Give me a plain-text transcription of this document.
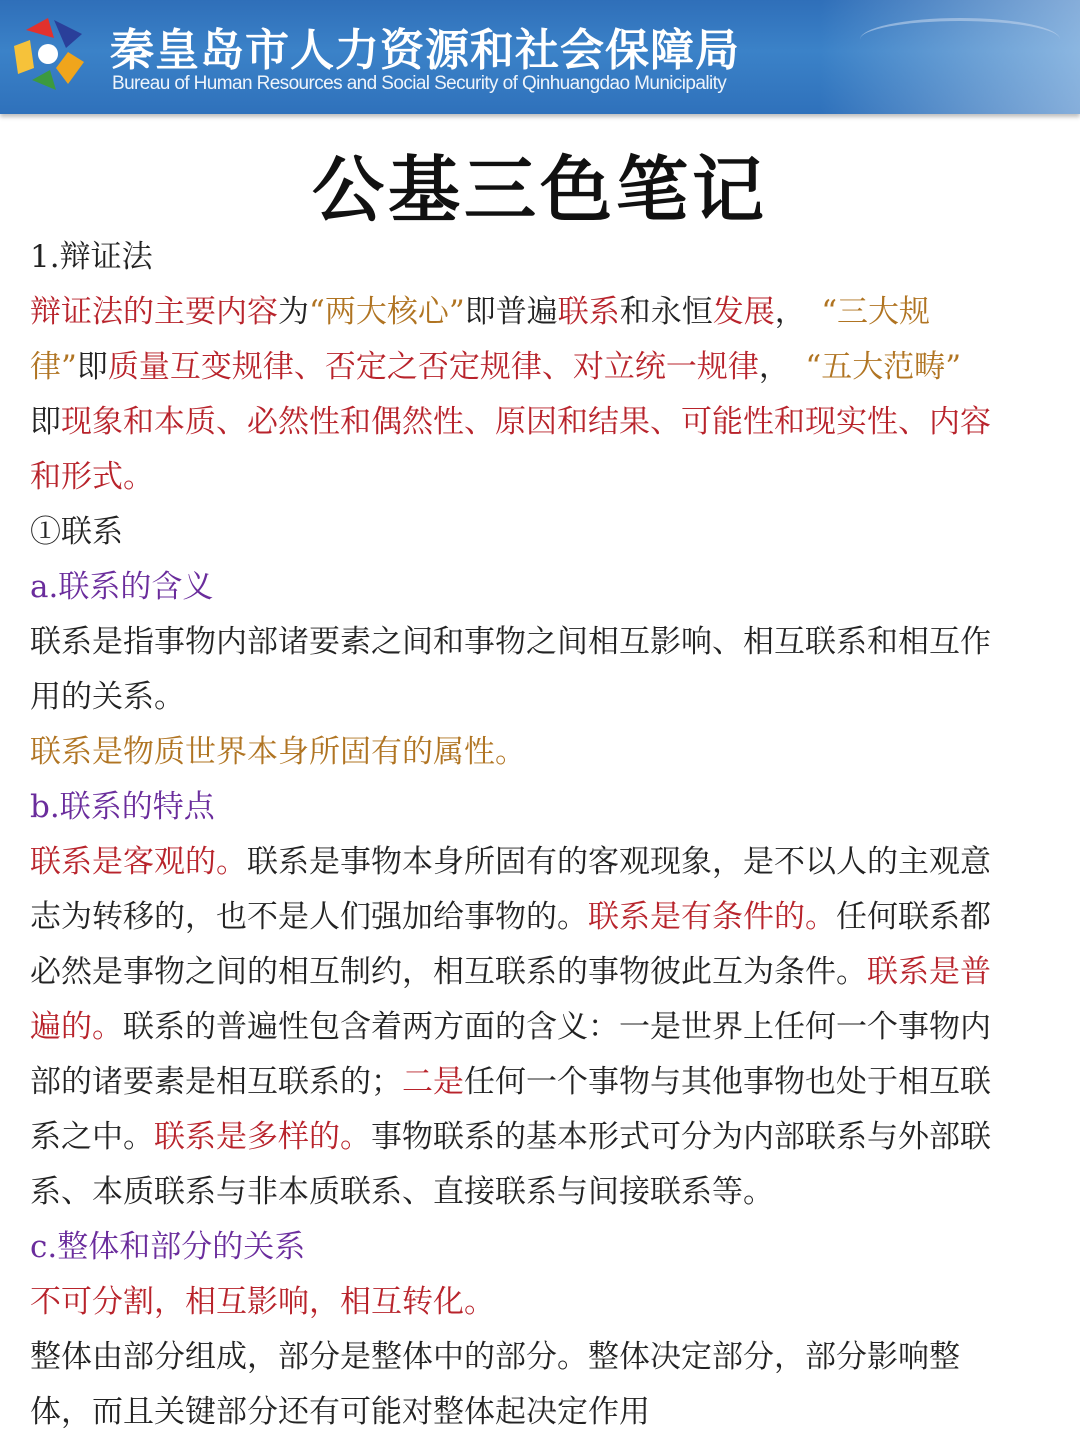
秦皇岛市人力资源和社会保障局
Bureau of Human Resources and Social Security of Qinhuangdao Municipality
公基三色笔记
1.辩证法
辩证法的主要内容为“两大核心”即普遍联系和永恒发展，　“三大规
律”即质量互变规律、否定之否定规律、对立统一规律，　“五大范畴”
即现象和本质、必然性和偶然性、原因和结果、可能性和现实性、内容
和形式。
①联系
a.联系的含义
联系是指事物内部诸要素之间和事物之间相互影响、相互联系和相互作
用的关系。
联系是物质世界本身所固有的属性。
b.联系的特点
联系是客观的。联系是事物本身所固有的客观现象，是不以人的主观意
志为转移的，也不是人们强加给事物的。联系是有条件的。任何联系都
必然是事物之间的相互制约，相互联系的事物彼此互为条件。联系是普
遍的。联系的普遍性包含着两方面的含义：一是世界上任何一个事物内
部的诸要素是相互联系的；二是任何一个事物与其他事物也处于相互联
系之中。联系是多样的。事物联系的基本形式可分为内部联系与外部联
系、本质联系与非本质联系、直接联系与间接联系等。
c.整体和部分的关系
不可分割，相互影响，相互转化。
整体由部分组成，部分是整体中的部分。整体决定部分，部分影响整
体，而且关键部分还有可能对整体起决定作用
